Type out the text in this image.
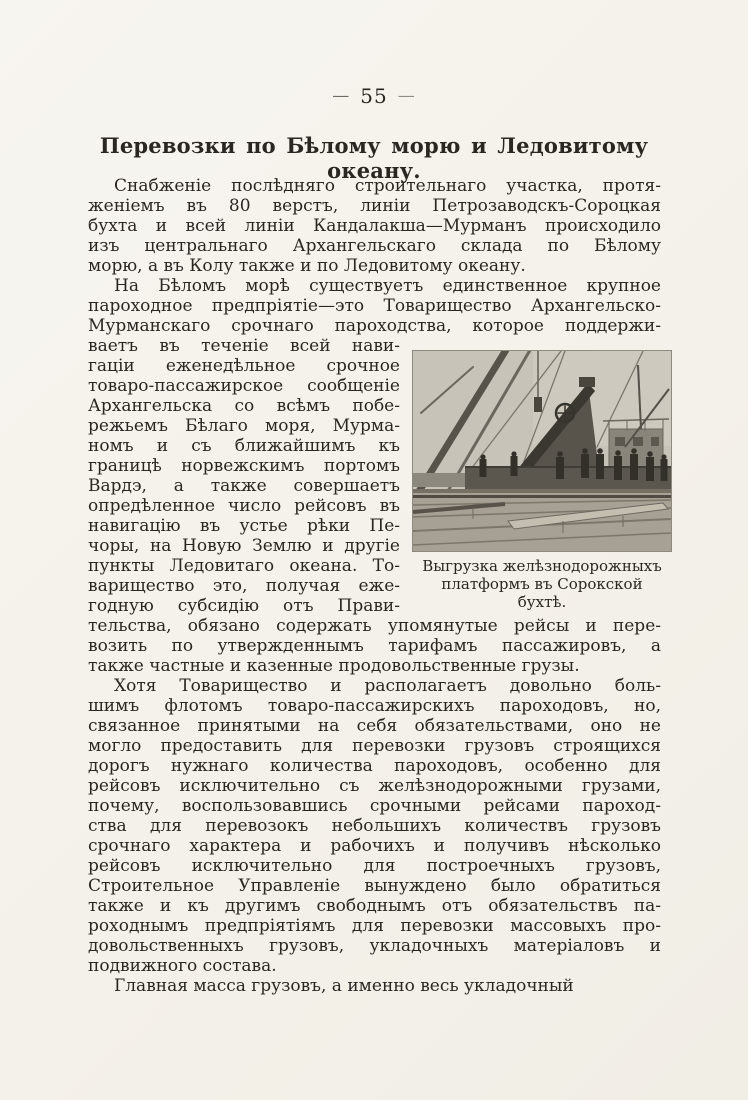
— 55 —
Перевозки по Бѣлому морю и Ледовитому океану.
Снабженіе послѣдняго строительнаго участка, протя-
женіемъ въ 80 верстъ, линіи Петрозаводскъ-Сороцкая
бухта и всей линіи Кандалакша—Мурманъ происходило
изъ центральнаго Архангельскаго склада по Бѣлому
морю, а въ Колу также и по Ледовитому океану.
На Бѣломъ морѣ существуетъ единственное крупное
пароходное предпріятіе—это Товарищество Архангельско-
Мурманскаго срочнаго пароходства, которое поддержи-
ваетъ въ теченіе всей нави-
гаціи еженедѣльное срочное
товаро-пассажирское сообщеніе
Архангельска со всѣмъ побе-
режьемъ Бѣлаго моря, Мурма-
номъ и съ ближайшимъ къ
границѣ норвежскимъ портомъ
Вардэ, а также совершаетъ
опредѣленное число рейсовъ въ
навигацію въ устье рѣки Пе-
чоры, на Новую Землю и другіе
пункты Ледовитаго океана. То-
варищество это, получая еже-
годную субсидію отъ Прави-
тельства, обязано содержать упомянутые рейсы и пере-
возить по утвержденнымъ тарифамъ пассажировъ, а
также частные и казенные продовольственные грузы.
Хотя Товарищество и располагаетъ довольно боль-
шимъ флотомъ товаро-пассажирскихъ пароходовъ, но,
связанное принятыми на себя обязательствами, оно не
могло предоставить для перевозки грузовъ строящихся
дорогъ нужнаго количества пароходовъ, особенно для
рейсовъ исключительно съ желѣзнодорожными грузами,
почему, воспользовавшись срочными рейсами пароход-
ства для перевозокъ небольшихъ количествъ грузовъ
срочнаго характера и рабочихъ и получивъ нѣсколько
рейсовъ исключительно для построечныхъ грузовъ,
Строительное Управленіе вынуждено было обратиться
также и къ другимъ свободнымъ отъ обязательствъ па-
роходнымъ предпріятіямъ для перевозки массовыхъ про-
довольственныхъ грузовъ, укладочныхъ матеріаловъ и
подвижного состава.
Главная масса грузовъ, а именно весь укладочный
Выгрузка желѣзнодорожныхъ
платформъ въ Сорокской
бухтѣ.
